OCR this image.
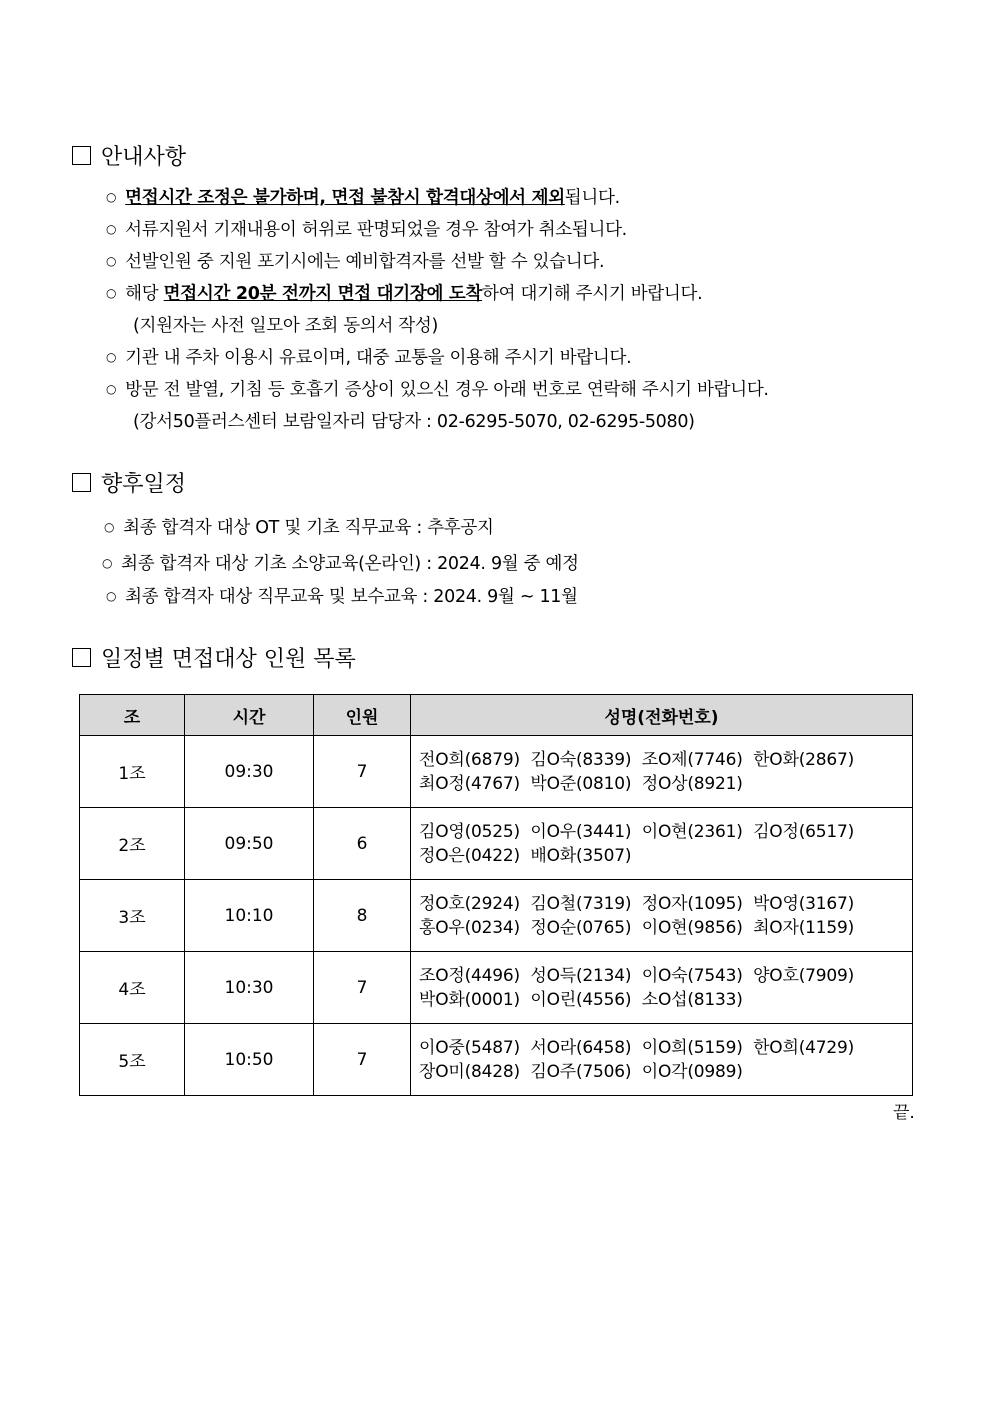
안내사항
○ 면접시간 조정은 불가하며, 면접 불참시 합격대상에서 제외됩니다.
○ 서류지원서 기재내용이 허위로 판명되었을 경우 참여가 취소됩니다.
○ 선발인원 중 지원 포기시에는 예비합격자를 선발 할 수 있습니다.
○ 해당 면접시간 20분 전까지 면접 대기장에 도착하여 대기해 주시기 바랍니다.
(지원자는 사전 일모아 조회 동의서 작성)
○ 기관 내 주차 이용시 유료이며, 대중 교통을 이용해 주시기 바랍니다.
○ 방문 전 발열, 기침 등 호흡기 증상이 있으신 경우 아래 번호로 연락해 주시기 바랍니다.
(강서50플러스센터 보람일자리 담당자 : 02-6295-5070, 02-6295-5080)
향후일정
○ 최종 합격자 대상 OT 및 기초 직무교육 : 추후공지
○ 최종 합격자 대상 기초 소양교육(온라인) : 2024. 9월 중 예정
○ 최종 합격자 대상 직무교육 및 보수교육 : 2024. 9월 ~ 11월
일정별 면접대상 인원 목록
조	시간	인원	성명(전화번호)
1조	09:30	7	전O희(6879)  김O숙(8339)  조O제(7746)  한O화(2867)
최O정(4767)  박O준(0810)  정O상(8921)

2조	09:50	6	김O영(0525)  이O우(3441)  이O현(2361)  김O정(6517)
정O은(0422)  배O화(3507)

3조	10:10	8	정O호(2924)  김O철(7319)  정O자(1095)  박O영(3167)
홍O우(0234)  정O순(0765)  이O현(9856)  최O자(1159)

4조	10:30	7	조O정(4496)  성O득(2134)  이O숙(7543)  양O호(7909)
박O화(0001)  이O린(4556)  소O섭(8133)

5조	10:50	7	이O중(5487)  서O라(6458)  이O희(5159)  한O희(4729)
장O미(8428)  김O주(7506)  이O각(0989)
끝.
